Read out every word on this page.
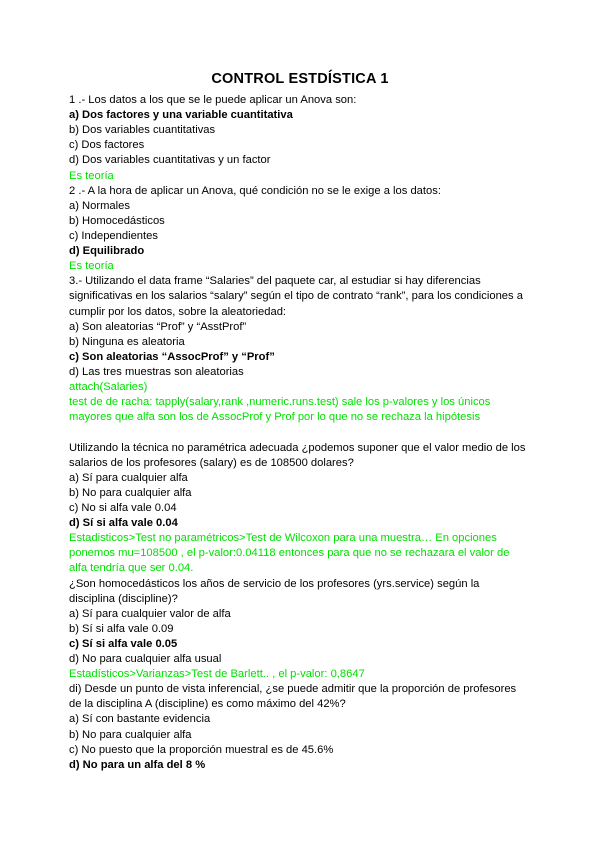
CONTROL ESTDÍSTICA 1
1 .- Los datos a los que se le puede aplicar un Anova son:
a) Dos factores y una variable cuantitativa
b) Dos variables cuantitativas
c) Dos factores
d) Dos variables cuantitativas y un factor
Es teoría
2 .- A la hora de aplicar un Anova, qué condición no se le exige a los datos:
a) Normales
b) Homocedásticos
c) Independientes
d) Equilibrado
Es teoría
3.- Utilizando el data frame “Salaries” del paquete car, al estudiar si hay diferencias
significativas en los salarios “salary” según el tipo de contrato “rank”, para los condiciones a
cumplir por los datos, sobre la aleatoriedad:
a) Son aleatorias “Prof” y “AsstProf”
b) Ninguna es aleatoria
c) Son aleatorias “AssocProf” y “Prof”
d) Las tres muestras son aleatorias
attach(Salaries)
test de de racha: tapply(salary,rank ,numeric.runs.test) sale los p-valores y los únicos
mayores que alfa son los de AssocProf y Prof por lo que no se rechaza la hipótesis
Utilizando la técnica no paramétrica adecuada ¿podemos suponer que el valor medio de los
salarios de los profesores (salary) es de 108500 dolares?
a) Sí para cualquier alfa
b) No para cualquier alfa
c) No si alfa vale 0.04
d) Sí si alfa vale 0.04
Estadisticos>Test no paramétricos>Test de Wilcoxon para una muestra… En opciones
ponemos mu=108500 , el p-valor:0.04118 entonces para que no se rechazara el valor de
alfa tendría que ser 0.04.
¿Son homocedásticos los años de servicio de los profesores (yrs.service) según la
disciplina (discipline)?
a) Sí para cualquier valor de alfa
b) Sí si alfa vale 0.09
c) Sí si alfa vale 0.05
d) No para cualquier alfa usual
Estadísticos>Varianzas>Test de Barlett.. , el p-valor: 0,8647
di) Desde un punto de vista inferencial, ¿se puede admitir que la proporción de profesores
de la disciplina A (discipline) es como máximo del 42%?
a) Sí con bastante evidencia
b) No para cualquier alfa
c) No puesto que la proporción muestral es de 45.6%
d) No para un alfa del 8 %
